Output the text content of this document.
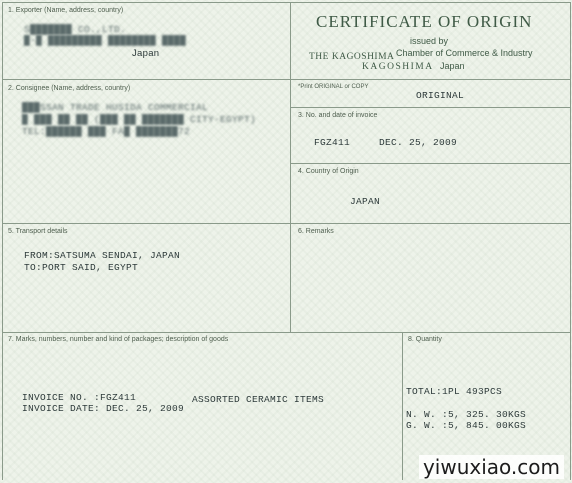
CERTIFICATE OF ORIGIN
issued by
THE KAGOSHIMA Chamber of Commerce & Industry
KAGOSHIMA Japan
1. Exporter (Name, address, country)
S███████ CO.,LTD.
█-█ █████████ ████████ ████
Japan
2. Consignee (Name, address, country)
███SSAN TRADE HUSIDA COMMERCIAL
█ ███ ██ ██ (███ ██ ███████ CITY-EGYPT)
TEL:██████ ███ FA█ ███████72
*Print ORIGINAL or COPY
ORIGINAL
3. No. and date of invoice
FGZ411	DEC. 25, 2009
4. Country of Origin
JAPAN
5. Transport details
FROM:SATSUMA SENDAI, JAPAN
TO:PORT SAID, EGYPT
6. Remarks
7. Marks, numbers, number and kind of packages; description of goods
INVOICE NO. :FGZ411
INVOICE DATE: DEC. 25, 2009
ASSORTED CERAMIC ITEMS
8. Quantity
TOTAL:1PL 493PCS
N. W. :5, 325. 30KGS
G. W. :5, 845. 00KGS
yiwuxiao.com
